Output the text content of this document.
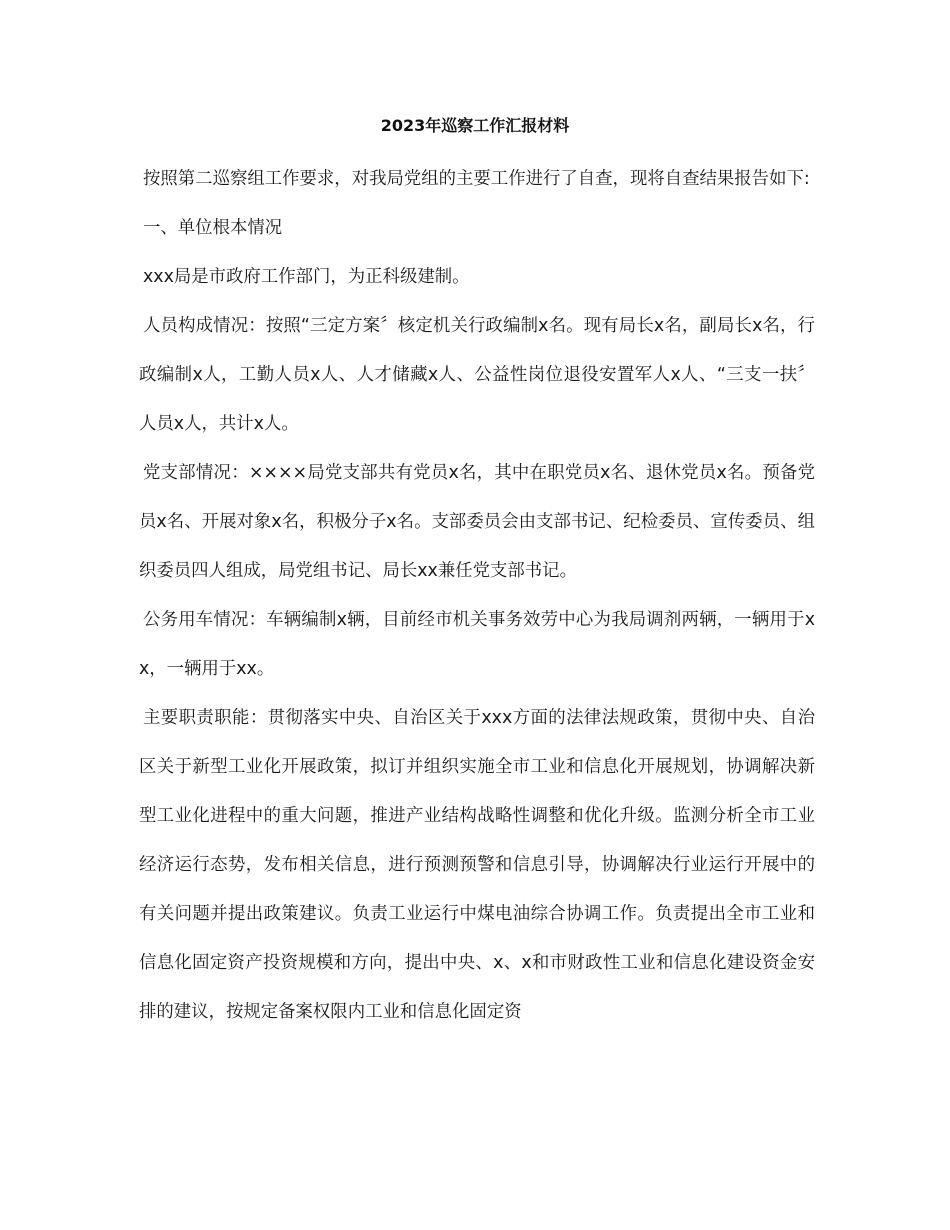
2023年巡察工作汇报材料

按照第二巡察组工作要求，对我局党组的主要工作进行了自查，现将自查结果报告如下:

一、单位根本情况

xxx局是市政府工作部门，为正科级建制。

人员构成情况：按照“三定方案〞核定机关行政编制x名。现有局长x名，副局长x名，行政编制x人，工勤人员x人、人才储藏x人、公益性岗位退役安置军人x人、“三支一扶〞人员x人，共计x人。

党支部情况：××××局党支部共有党员x名，其中在职党员x名、退休党员x名。预备党员x名、开展对象x名，积极分子x名。支部委员会由支部书记、纪检委员、宣传委员、组织委员四人组成，局党组书记、局长xx兼任党支部书记。

公务用车情况：车辆编制x辆，目前经市机关事务效劳中心为我局调剂两辆，一辆用于xx，一辆用于xx。

主要职责职能：贯彻落实中央、自治区关于xxx方面的法律法规政策，贯彻中央、自治区关于新型工业化开展政策，拟订并组织实施全市工业和信息化开展规划，协调解决新型工业化进程中的重大问题，推进产业结构战略性调整和优化升级。监测分析全市工业经济运行态势，发布相关信息，进行预测预警和信息引导，协调解决行业运行开展中的有关问题并提出政策建议。负责工业运行中煤电油综合协调工作。负责提出全市工业和信息化固定资产投资规模和方向，提出中央、x、x和市财政性工业和信息化建设资金安排的建议，按规定备案权限内工业和信息化固定资
